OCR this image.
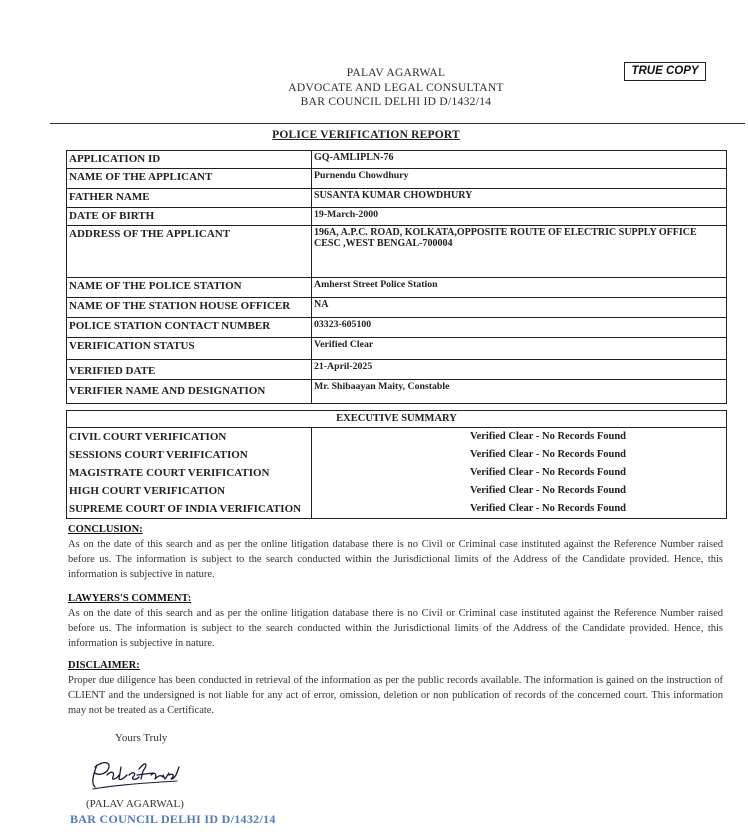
PALAV AGARWAL
ADVOCATE AND LEGAL CONSULTANT
BAR COUNCIL DELHI ID D/1432/14
TRUE COPY
POLICE VERIFICATION REPORT
APPLICATION ID	GQ-AMLIPLN-76
NAME OF THE APPLICANT	Purnendu Chowdhury
FATHER NAME	SUSANTA KUMAR CHOWDHURY
DATE OF BIRTH	19-March-2000
ADDRESS OF THE APPLICANT	196A, A.P.C. ROAD, KOLKATA,OPPOSITE ROUTE OF ELECTRIC SUPPLY OFFICE CESC ,WEST BENGAL-700004
NAME OF THE POLICE STATION	Amherst Street Police Station
NAME OF THE STATION HOUSE OFFICER	NA
POLICE STATION CONTACT NUMBER	03323-605100
VERIFICATION STATUS	Verified Clear
VERIFIED DATE	21-April-2025
VERIFIER NAME AND DESIGNATION	Mr. Shibaayan Maity, Constable
EXECUTIVE SUMMARY	
CIVIL COURT VERIFICATION	Verified Clear - No Records Found
SESSIONS COURT VERIFICATION	Verified Clear - No Records Found
MAGISTRATE COURT VERIFICATION	Verified Clear - No Records Found
HIGH COURT VERIFICATION	Verified Clear - No Records Found
SUPREME COURT OF INDIA VERIFICATION	Verified Clear - No Records Found
CONCLUSION:

As on the date of this search and as per the online litigation database there is no Civil or Criminal case instituted against the Reference Number raised before us. The information is subject to the search conducted within the Jurisdictional limits of the Address of the Candidate provided. Hence, this information is subjective in nature.

LAWYERS'S COMMENT:

As on the date of this search and as per the online litigation database there is no Civil or Criminal case instituted against the Reference Number raised before us. The information is subject to the search conducted within the Jurisdictional limits of the Address of the Candidate provided. Hence, this information is subjective in nature.

DISCLAIMER:

Proper due diligence has been conducted in retrieval of the information as per the public records available. The information is gained on the instruction of CLIENT and the undersigned is not liable for any act of error, omission, deletion or non publication of records of the concerned court. This information may not be treated as a Certificate.

Yours Truly
(PALAV AGARWAL)
BAR COUNCIL DELHI ID D/1432/14
